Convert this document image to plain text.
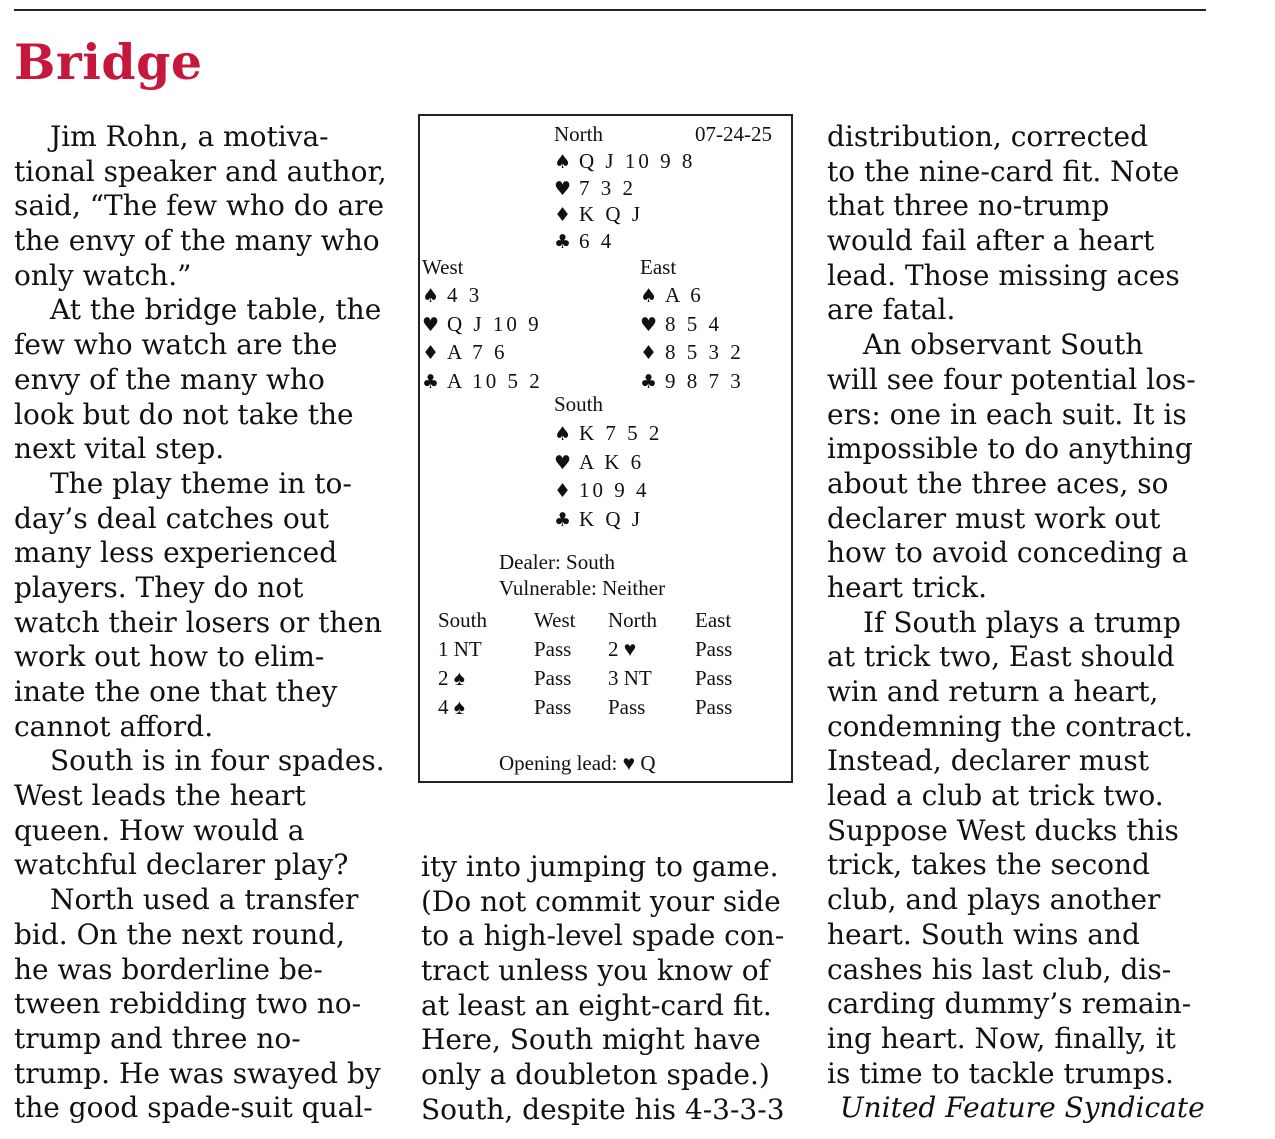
Bridge
Jim Rohn, a motiva-
tional speaker and author,
said, “The few who do are
the envy of the many who
only watch.”
At the bridge table, the
few who watch are the
envy of the many who
look but do not take the
next vital step.
The play theme in to-
day’s deal catches out
many less experienced
players. They do not
watch their losers or then
work out how to elim-
inate the one that they
cannot afford.
South is in four spades.
West leads the heart
queen. How would a
watchful declarer play?
North used a transfer
bid. On the next round,
he was borderline be-
tween rebidding two no-
trump and three no-
trump. He was swayed by
the good spade-suit qual-
ity into jumping to game.
(Do not commit your side
to a high-level spade con-
tract unless you know of
at least an eight-card fit.
Here, South might have
only a doubleton spade.)
South, despite his 4-3-3-3
distribution, corrected
to the nine-card fit. Note
that three no-trump
would fail after a heart
lead. Those missing aces
are fatal.
An observant South
will see four potential los-
ers: one in each suit. It is
impossible to do anything
about the three aces, so
declarer must work out
how to avoid conceding a
heart trick.
If South plays a trump
at trick two, East should
win and return a heart,
condemning the contract.
Instead, declarer must
lead a club at trick two.
Suppose West ducks this
trick, takes the second
club, and plays another
heart. South wins and
cashes his last club, dis-
carding dummy’s remain-
ing heart. Now, finally, it
is time to tackle trumps.
United Feature Syndicate
North	07-24-25
West	East
South
♠ Q J 10 9 8
♥ 7 3 2
♦ K Q J
♣ 6 4
♠ 4 3
♥ Q J 10 9
♦ A 7 6
♣ A 10 5 2
♠ A 6
♥ 8 5 4
♦ 8 5 3 2
♣ 9 8 7 3
♠ K 7 5 2
♥ A K 6
♦ 10 9 4
♣ K Q J
Dealer: South
Vulnerable: Neither
South West North East
1 NT Pass 2 ♥	Pass
2 ♠	Pass 3 NT Pass
4 ♠	Pass Pass Pass
Opening lead: ♥ Q
